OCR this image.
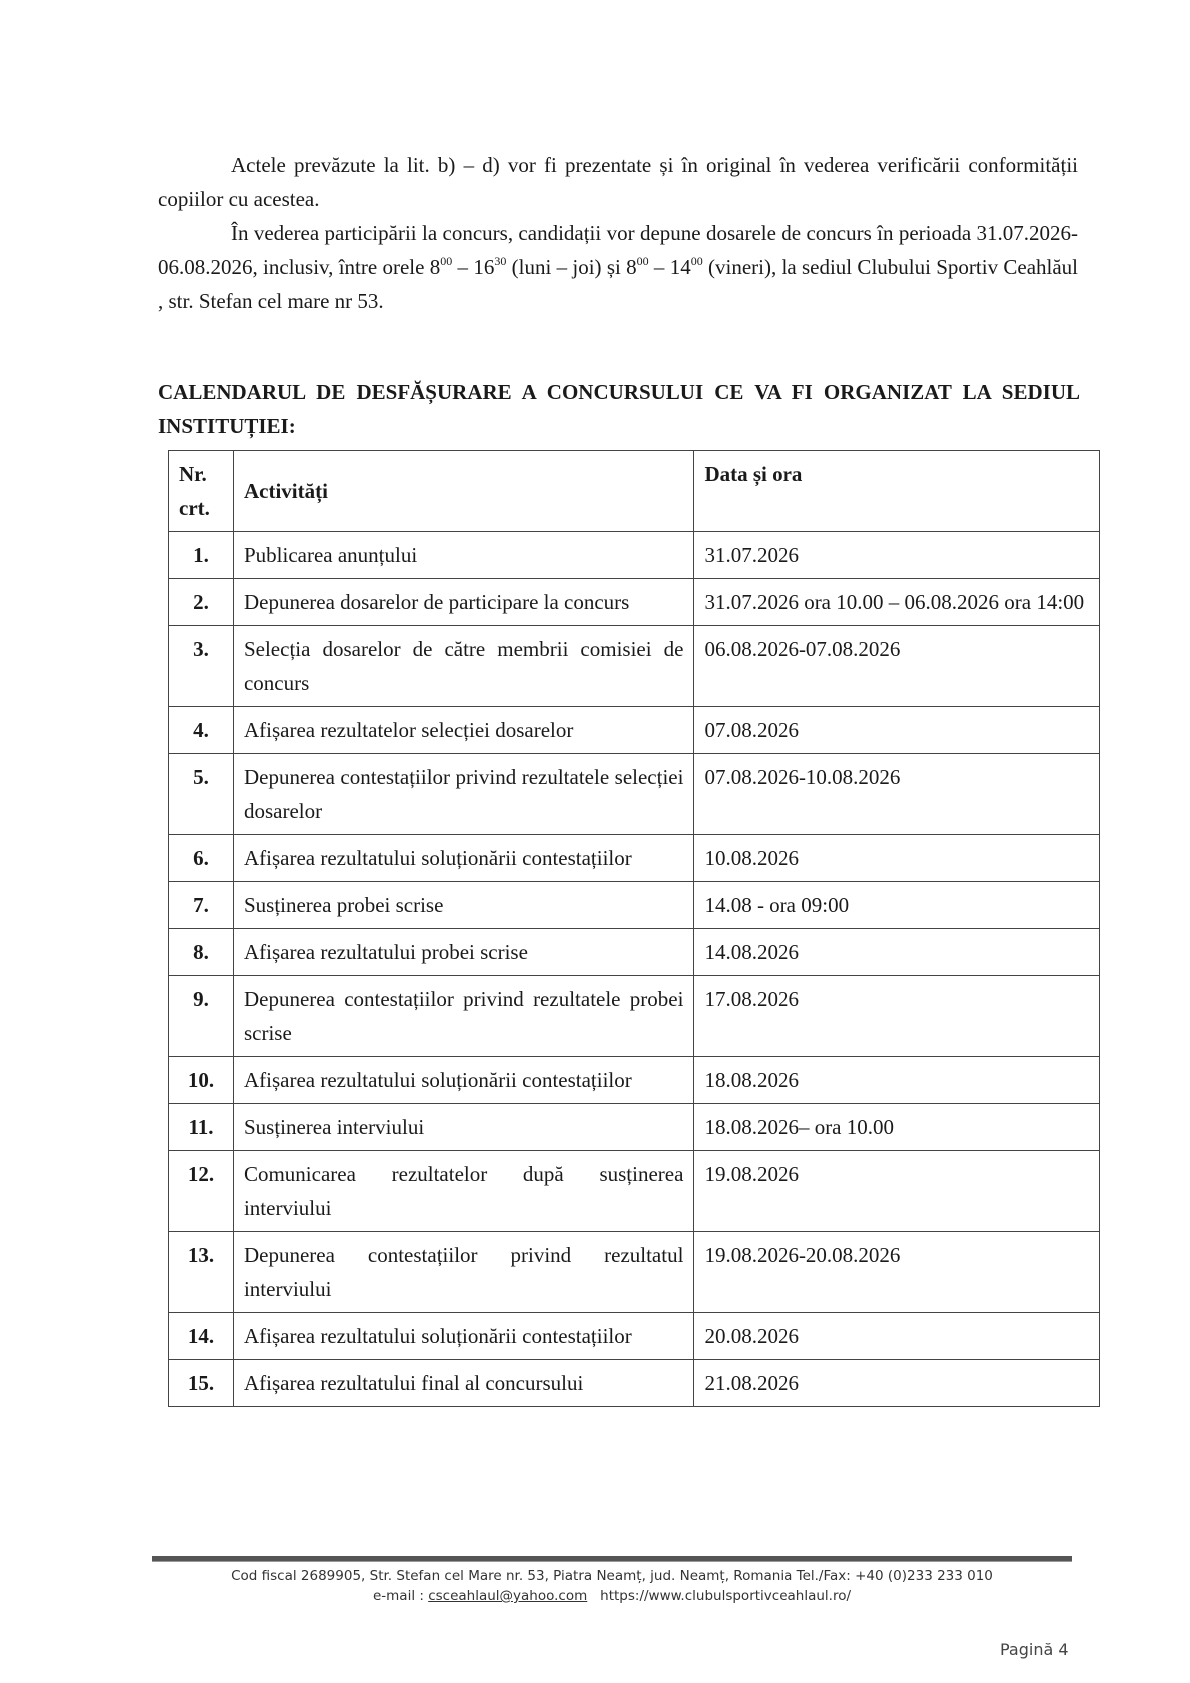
Actele prevăzute la lit. b) – d) vor fi prezentate și în original în vederea verificării conformității copiilor cu acestea.
În vederea participării la concurs, candidații vor depune dosarele de concurs în perioada 31.07.2026-06.08.2026, inclusiv, între orele $8^{00} - 16^{30}$ (luni – joi) și $8^{00} - 14^{00}$ (vineri), la sediul Clubului Sportiv Ceahlăul , str. Stefan cel mare nr 53.
CALENDARUL DE DESFĂȘURARE A CONCURSULUI CE VA FI ORGANIZAT LA SEDIUL INSTITUȚIEI:
Nr. crt.	Activități	Data și ora
1.	Publicarea anunțului	31.07.2026
2.	Depunerea dosarelor de participare la concurs	31.07.2026 ora 10.00 – 06.08.2026 ora 14:00
3.	Selecția dosarelor de către membrii comisiei de concurs	06.08.2026-07.08.2026
4.	Afișarea rezultatelor selecției dosarelor	07.08.2026
5.	Depunerea contestațiilor privind rezultatele selecției dosarelor	07.08.2026-10.08.2026
6.	Afișarea rezultatului soluționării contestațiilor	10.08.2026
7.	Susținerea probei scrise	14.08 - ora 09:00
8.	Afișarea rezultatului probei scrise	14.08.2026
9.	Depunerea contestațiilor privind rezultatele probei scrise	17.08.2026
10.	Afișarea rezultatului soluționării contestațiilor	18.08.2026
11.	Susținerea interviului	18.08.2026– ora 10.00
12.	Comunicarea rezultatelor după susținerea interviului	19.08.2026
13.	Depunerea contestațiilor privind rezultatul interviului	19.08.2026-20.08.2026
14.	Afișarea rezultatului soluționării contestațiilor	20.08.2026
15.	Afișarea rezultatului final al concursului	21.08.2026
Cod fiscal 2689905, Str. Stefan cel Mare nr. 53, Piatra Neamț, jud. Neamț, Romania Tel./Fax: +40 (0)233 233 010
e-mail : csceahlaul@yahoo.com https://www.clubulsportivceahlaul.ro/
Pagină 4
